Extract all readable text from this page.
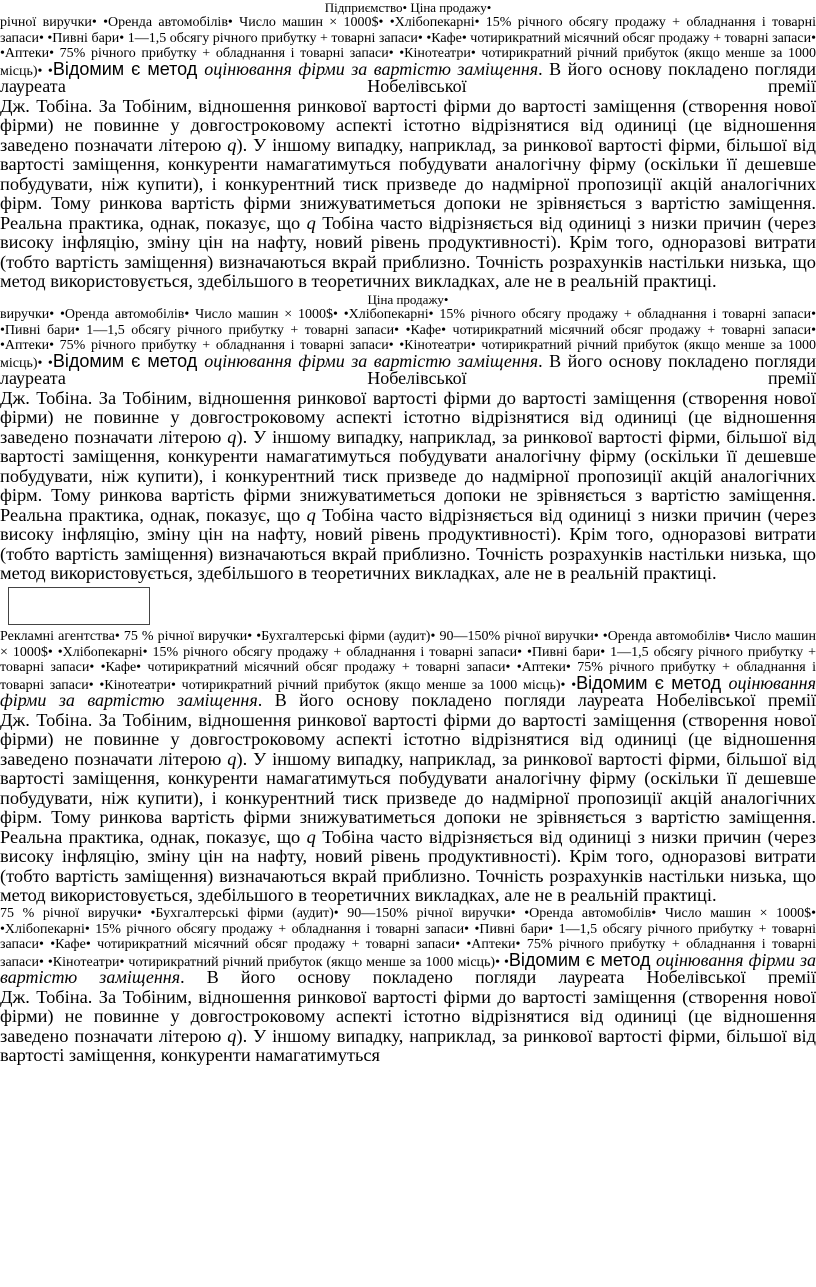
Підприємство• Ціна продажу•

річної виручки• •Оренда автомобілів• Число машин × 1000$• •Хлібопекарні• 15% річного обсягу продажу + обладнання і товарні запаси• •Пивні бари• 1—1,5 обсягу річного прибутку + товарні запаси• •Кафе• чотирикратний місячний обсяг продажу + товарні запаси• •Аптеки• 75% річного прибутку + обладнання і товарні запаси• •Кінотеатри• чотирикратний річний прибуток (якщо менше за 1000 місць)• •Відомим є метод оцінювання фірми за вартістю заміщення. В його основу покладено погляди лауреата Нобелівської премії

Дж. Тобіна. За Тобіним, відношення ринкової вартості фірми до вартості заміщення (створення нової фірми) не повинне у довгостроковому аспекті істотно відрізнятися від одиниці (це відношення заведено позначати літерою q). У іншому випадку, наприклад, за ринкової вартості фірми, більшої від вартості заміщення, конкуренти намагатимуться побудувати аналогічну фірму (оскільки її дешевше побудувати, ніж купити), і конкурентний тиск призведе до надмірної пропозиції акцій аналогічних фірм. Тому ринкова вартість фірми знижуватиметься допоки не зрівняється з вартістю заміщення. Реальна практика, однак, показує, що q Тобіна часто відрізняється від одиниці з низки причин (через високу інфляцію, зміну цін на нафту, новий рівень продуктивності). Крім того, одноразові витрати (тобто вартість заміщення) визначаються вкрай приблизно. Точність розрахунків настільки низька, що метод використовується, здебільшого в теоретичних викладках, але не в реальній практиці.

Ціна продажу•

виручки• •Оренда автомобілів• Число машин × 1000$• •Хлібопекарні• 15% річного обсягу продажу + обладнання і товарні запаси• •Пивні бари• 1—1,5 обсягу річного прибутку + товарні запаси• •Кафе• чотирикратний місячний обсяг продажу + товарні запаси• •Аптеки• 75% річного прибутку + обладнання і товарні запаси• •Кінотеатри• чотирикратний річний прибуток (якщо менше за 1000 місць)• •Відомим є метод оцінювання фірми за вартістю заміщення. В його основу покладено погляди лауреата Нобелівської премії

Дж. Тобіна. За Тобіним, відношення ринкової вартості фірми до вартості заміщення (створення нової фірми) не повинне у довгостроковому аспекті істотно відрізнятися від одиниці (це відношення заведено позначати літерою q). У іншому випадку, наприклад, за ринкової вартості фірми, більшої від вартості заміщення, конкуренти намагатимуться побудувати аналогічну фірму (оскільки її дешевше побудувати, ніж купити), і конкурентний тиск призведе до надмірної пропозиції акцій аналогічних фірм. Тому ринкова вартість фірми знижуватиметься допоки не зрівняється з вартістю заміщення. Реальна практика, однак, показує, що q Тобіна часто відрізняється від одиниці з низки причин (через високу інфляцію, зміну цін на нафту, новий рівень продуктивності). Крім того, одноразові витрати (тобто вартість заміщення) визначаються вкрай приблизно. Точність розрахунків настільки низька, що метод використовується, здебільшого в теоретичних викладках, але не в реальній практиці.

Рекламні агентства• 75 % річної виручки• •Бухгалтерські фірми (аудит)• 90—150% річної виручки• •Оренда автомобілів• Число машин × 1000$• •Хлібопекарні• 15% річного обсягу продажу + обладнання і товарні запаси• •Пивні бари• 1—1,5 обсягу річного прибутку + товарні запаси• •Кафе• чотирикратний місячний обсяг продажу + товарні запаси• •Аптеки• 75% річного прибутку + обладнання і товарні запаси• •Кінотеатри• чотирикратний річний прибуток (якщо менше за 1000 місць)• •Відомим є метод оцінювання фірми за вартістю заміщення. В його основу покладено погляди лауреата Нобелівської премії

Дж. Тобіна. За Тобіним, відношення ринкової вартості фірми до вартості заміщення (створення нової фірми) не повинне у довгостроковому аспекті істотно відрізнятися від одиниці (це відношення заведено позначати літерою q). У іншому випадку, наприклад, за ринкової вартості фірми, більшої від вартості заміщення, конкуренти намагатимуться побудувати аналогічну фірму (оскільки її дешевше побудувати, ніж купити), і конкурентний тиск призведе до надмірної пропозиції акцій аналогічних фірм. Тому ринкова вартість фірми знижуватиметься допоки не зрівняється з вартістю заміщення. Реальна практика, однак, показує, що q Тобіна часто відрізняється від одиниці з низки причин (через високу інфляцію, зміну цін на нафту, новий рівень продуктивності). Крім того, одноразові витрати (тобто вартість заміщення) визначаються вкрай приблизно. Точність розрахунків настільки низька, що метод використовується, здебільшого в теоретичних викладках, але не в реальній практиці.

75 % річної виручки• •Бухгалтерські фірми (аудит)• 90—150% річної виручки• •Оренда автомобілів• Число машин × 1000$• •Хлібопекарні• 15% річного обсягу продажу + обладнання і товарні запаси• •Пивні бари• 1—1,5 обсягу річного прибутку + товарні запаси• •Кафе• чотирикратний місячний обсяг продажу + товарні запаси• •Аптеки• 75% річного прибутку + обладнання і товарні запаси• •Кінотеатри• чотирикратний річний прибуток (якщо менше за 1000 місць)• •Відомим є метод оцінювання фірми за вартістю заміщення. В його основу покладено погляди лауреата Нобелівської премії

Дж. Тобіна. За Тобіним, відношення ринкової вартості фірми до вартості заміщення (створення нової фірми) не повинне у довгостроковому аспекті істотно відрізнятися від одиниці (це відношення заведено позначати літерою q). У іншому випадку, наприклад, за ринкової вартості фірми, більшої від вартості заміщення, конкуренти намагатимуться
